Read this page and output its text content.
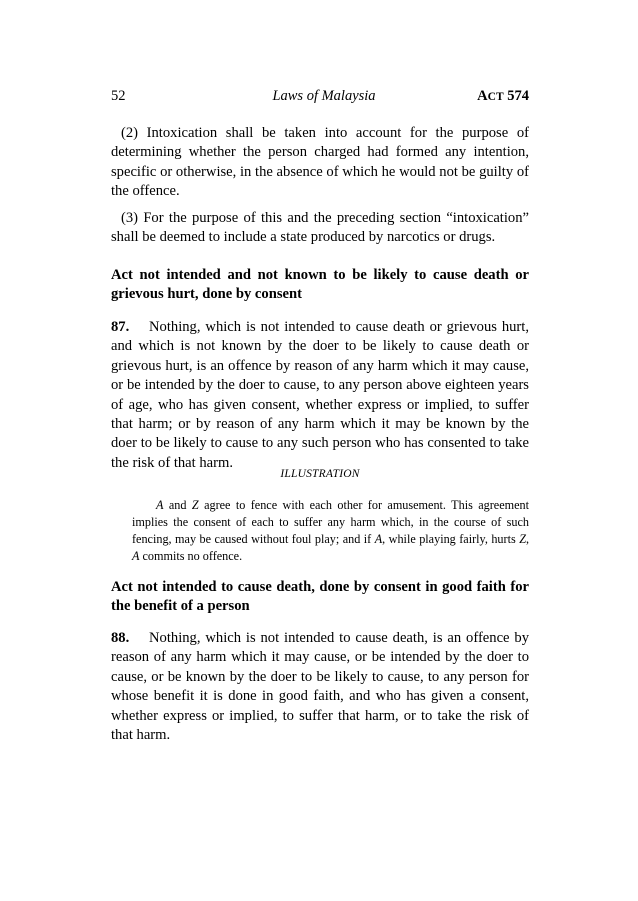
52	Laws of Malaysia	ACT 574

(2) Intoxication shall be taken into account for the purpose of determining whether the person charged had formed any intention, specific or otherwise, in the absence of which he would not be guilty of the offence.

(3) For the purpose of this and the preceding section “intoxication” shall be deemed to include a state produced by narcotics or drugs.

Act not intended and not known to be likely to cause death or grievous hurt, done by consent

87. Nothing, which is not intended to cause death or grievous hurt, and which is not known by the doer to be likely to cause death or grievous hurt, is an offence by reason of any harm which it may cause, or be intended by the doer to cause, to any person above eighteen years of age, who has given consent, whether express or implied, to suffer that harm; or by reason of any harm which it may be known by the doer to be likely to cause to any such person who has consented to take the risk of that harm.

ILLUSTRATION

A and Z agree to fence with each other for amusement. This agreement implies the consent of each to suffer any harm which, in the course of such fencing, may be caused without foul play; and if A, while playing fairly, hurts Z, A commits no offence.

Act not intended to cause death, done by consent in good faith for the benefit of a person

88. Nothing, which is not intended to cause death, is an offence by reason of any harm which it may cause, or be intended by the doer to cause, or be known by the doer to be likely to cause, to any person for whose benefit it is done in good faith, and who has given a consent, whether express or implied, to suffer that harm, or to take the risk of that harm.
